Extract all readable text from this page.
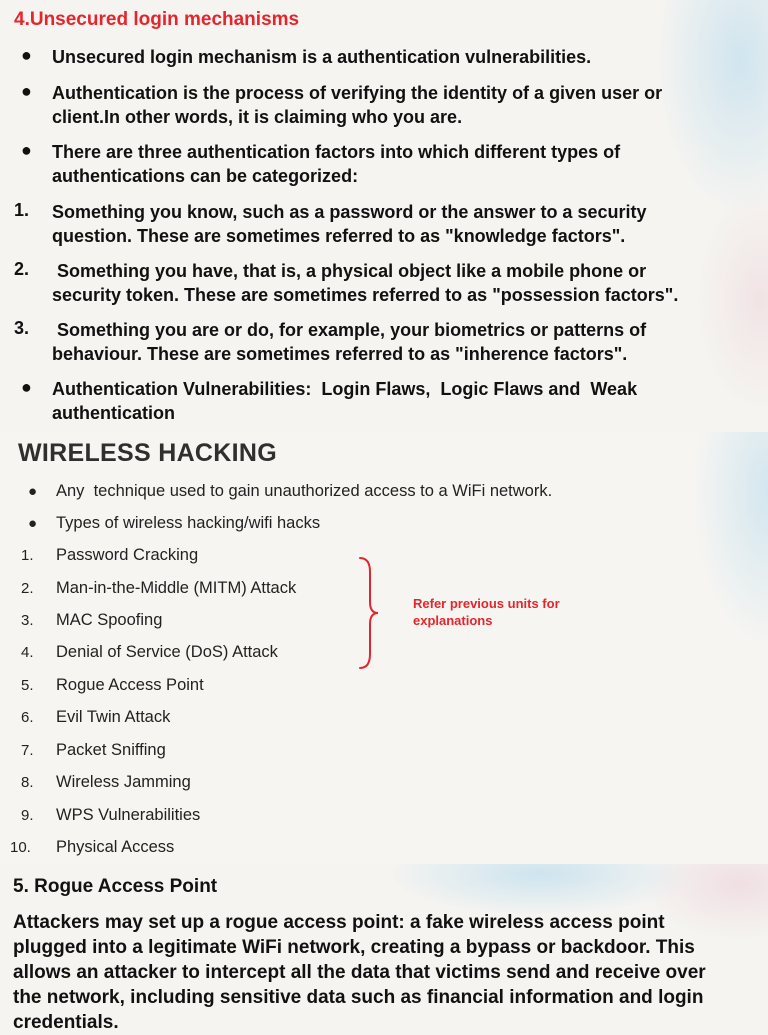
4.Unsecured login mechanisms
● Unsecured login mechanism is a authentication vulnerabilities.
● Authentication is the process of verifying the identity of a given user or
client.In other words, it is claiming who you are.
● There are three authentication factors into which different types of
authentications can be categorized:
1. Something you know, such as a password or the answer to a security
question. These are sometimes referred to as "knowledge factors".
2. Something you have, that is, a physical object like a mobile phone or
security token. These are sometimes referred to as "possession factors".
3. Something you are or do, for example, your biometrics or patterns of
behaviour. These are sometimes referred to as "inherence factors".
● Authentication Vulnerabilities:  Login Flaws,  Logic Flaws and  Weak
authentication
WIRELESS HACKING
● Any  technique used to gain unauthorized access to a WiFi network.
● Types of wireless hacking/wifi hacks
1. Password Cracking
2. Man-in-the-Middle (MITM) Attack
3. MAC Spoofing
4. Denial of Service (DoS) Attack
5. Rogue Access Point
6. Evil Twin Attack
7. Packet Sniffing
8. Wireless Jamming
9. WPS Vulnerabilities
10. Physical Access
Refer previous units for
explanations
5. Rogue Access Point
Attackers may set up a rogue access point: a fake wireless access point
plugged into a legitimate WiFi network, creating a bypass or backdoor. This
allows an attacker to intercept all the data that victims send and receive over
the network, including sensitive data such as financial information and login
credentials.
